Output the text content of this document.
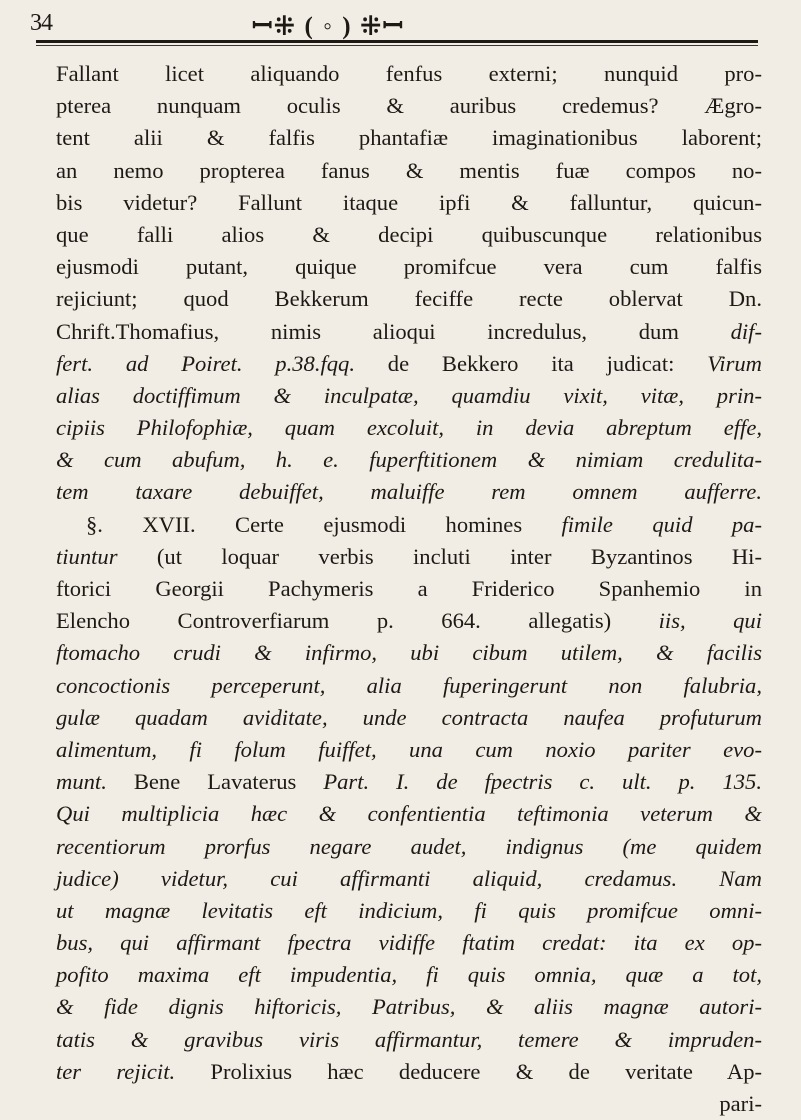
34	ꟷ⁜ ( ◦ ) ⁜ꟷ
Fallant licet aliquando fenfus externi; nunquid pro-
pterea nunquam oculis & auribus credemus? Ægro-
tent alii & falfis phantafiæ imaginationibus laborent;
an nemo propterea fanus & mentis fuæ compos no-
bis videtur? Fallunt itaque ipfi & falluntur, quicun-
que falli alios & decipi quibuscunque relationibus
ejusmodi putant, quique promifcue vera cum falfis
rejiciunt; quod Bekkerum feciffe recte oblervat Dn.
Chrift.Thomafius, nimis alioqui incredulus, dum dif-
fert. ad Poiret. p.38.fqq. de Bekkero ita judicat: Virum
alias doctiffimum & inculpatæ, quamdiu vixit, vitæ, prin-
cipiis Philofophiæ, quam excoluit, in devia abreptum effe,
& cum abufum, h. e. fuperftitionem & nimiam credulita-
tem taxare debuiffet, maluiffe rem omnem aufferre.
§. XVII. Certe ejusmodi homines fimile quid pa-
tiuntur (ut loquar verbis incluti inter Byzantinos Hi-
ftorici Georgii Pachymeris a Friderico Spanhemio in
Elencho Controverfiarum p. 664. allegatis) iis, qui
ftomacho crudi & infirmo, ubi cibum utilem, & facilis
concoctionis perceperunt, alia fuperingerunt non falubria,
gulæ quadam aviditate, unde contracta naufea profuturum
alimentum, fi folum fuiffet, una cum noxio pariter evo-
munt. Bene Lavaterus Part. I. de fpectris c. ult. p. 135.
Qui multiplicia hæc & confentientia teftimonia veterum &
recentiorum prorfus negare audet, indignus (me quidem
judice) videtur, cui affirmanti aliquid, credamus. Nam
ut magnæ levitatis eft indicium, fi quis promifcue omni-
bus, qui affirmant fpectra vidiffe ftatim credat: ita ex op-
pofito maxima eft impudentia, fi quis omnia, quæ a tot,
& fide dignis hiftoricis, Patribus, & aliis magnæ autori-
tatis & gravibus viris affirmantur, temere & impruden-
ter rejicit. Prolixius hæc deducere & de veritate Ap-
pari-
